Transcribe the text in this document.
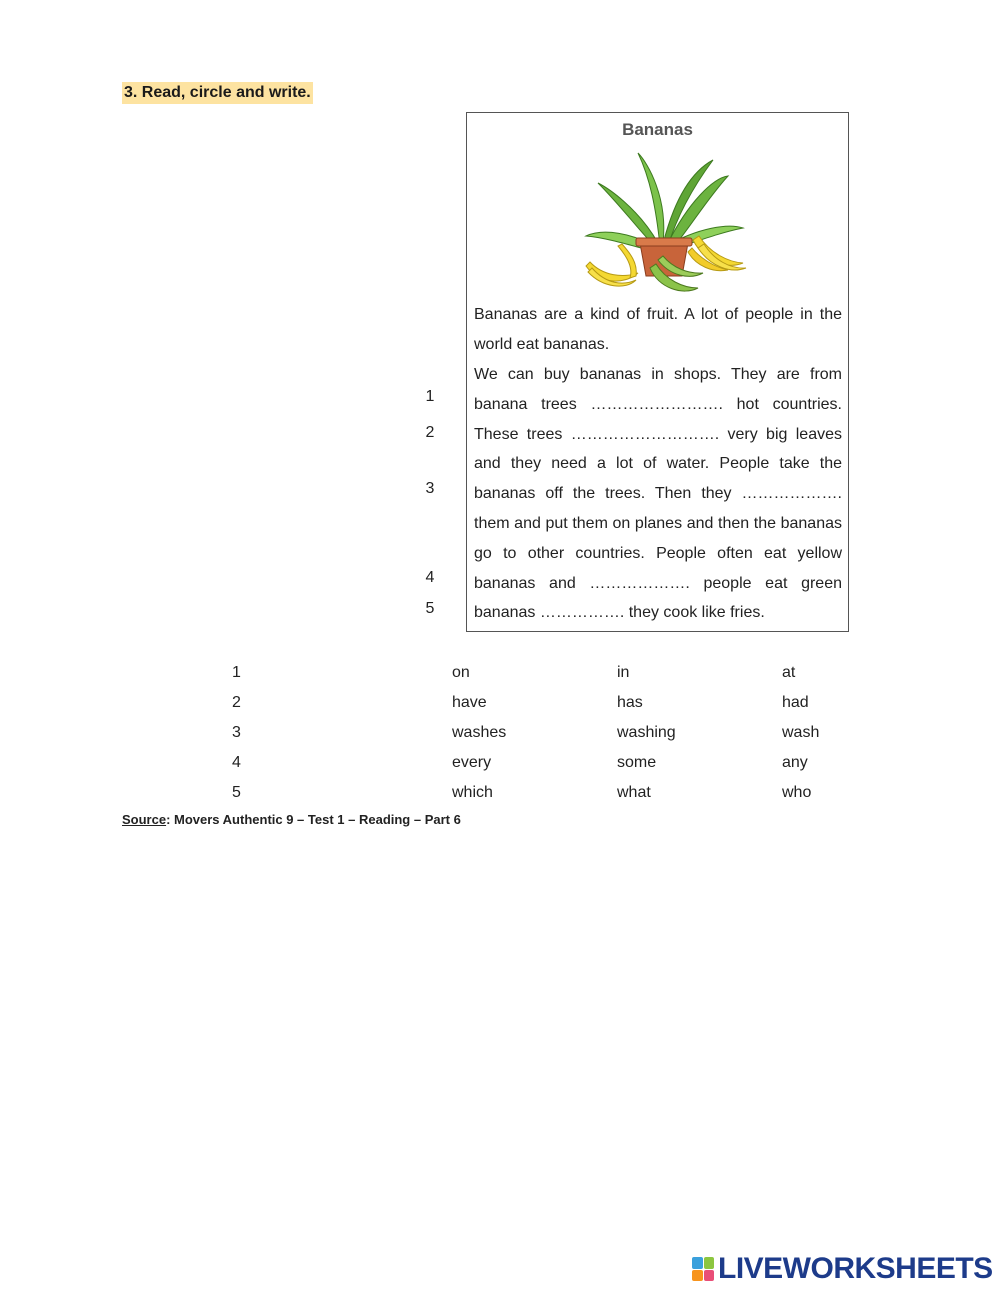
3. Read, circle and write.
Bananas
Bananas are a kind of fruit. A lot of people in the world eat bananas.
We can buy bananas in shops. They are from banana trees ……………………. hot countries. These trees ………………………. very big leaves and they need a lot of water. People take the bananas off the trees. Then they ………………. them and put them on planes and then the bananas go to other countries. People often eat yellow bananas and ………………. people eat green bananas ……………. they cook like fries.
1
2
3
4
5
1	on	in	at
2	have	has	had
3	washes	washing	wash
4	every	some	any
5	which	what	who
Source: Movers Authentic 9 – Test 1 – Reading – Part 6
LIVEWORKSHEETS
